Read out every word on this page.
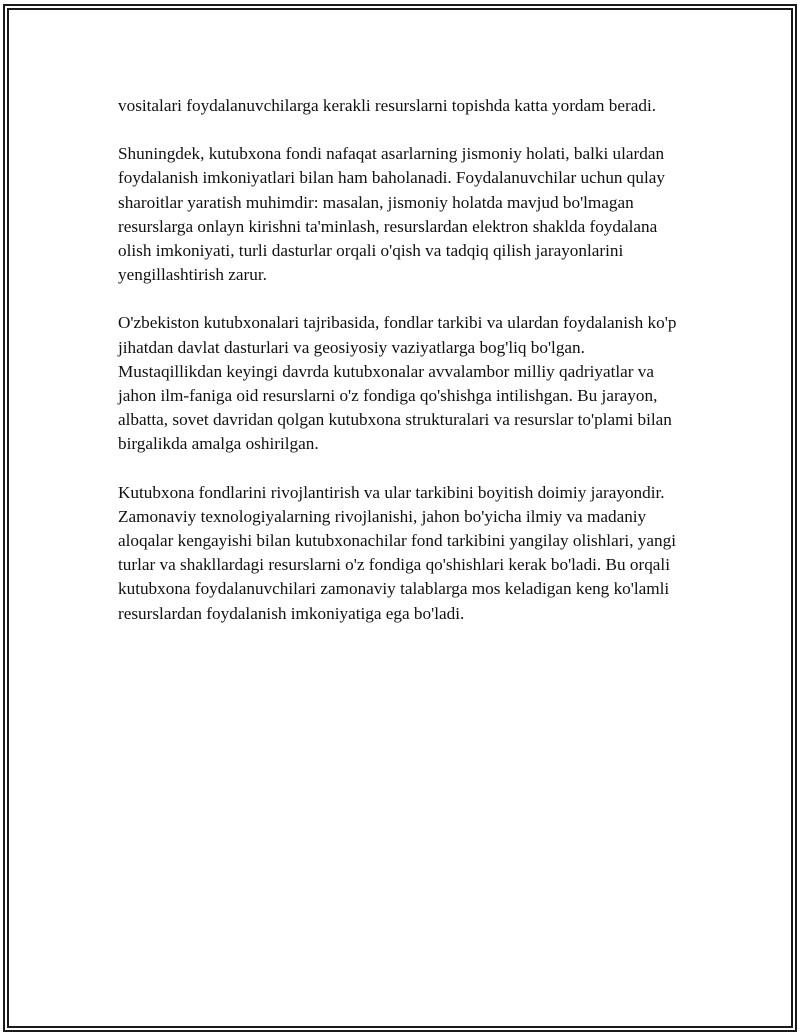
vositalari foydalanuvchilarga kerakli resurslarni topishda katta yordam beradi.

Shuningdek, kutubxona fondi nafaqat asarlarning jismoniy holati, balki ulardan foydalanish imkoniyatlari bilan ham baholanadi. Foydalanuvchilar uchun qulay sharoitlar yaratish muhimdir: masalan, jismoniy holatda mavjud bo'lmagan resurslarga onlayn kirishni ta'minlash, resurslardan elektron shaklda foydalana olish imkoniyati, turli dasturlar orqali o'qish va tadqiq qilish jarayonlarini yengillashtirish zarur.

O'zbekiston kutubxonalari tajribasida, fondlar tarkibi va ulardan foydalanish ko'p jihatdan davlat dasturlari va geosiyosiy vaziyatlarga bog'liq bo'lgan. Mustaqillikdan keyingi davrda kutubxonalar avvalambor milliy qadriyatlar va jahon ilm-faniga oid resurslarni o'z fondiga qo'shishga intilishgan. Bu jarayon, albatta, sovet davridan qolgan kutubxona strukturalari va resurslar to'plami bilan birgalikda amalga oshirilgan.

Kutubxona fondlarini rivojlantirish va ular tarkibini boyitish doimiy jarayondir. Zamonaviy texnologiyalarning rivojlanishi, jahon bo'yicha ilmiy va madaniy aloqalar kengayishi bilan kutubxonachilar fond tarkibini yangilay olishlari, yangi turlar va shakllardagi resurslarni o'z fondiga qo'shishlari kerak bo'ladi. Bu orqali kutubxona foydalanuvchilari zamonaviy talablarga mos keladigan keng ko'lamli resurslardan foydalanish imkoniyatiga ega bo'ladi.
